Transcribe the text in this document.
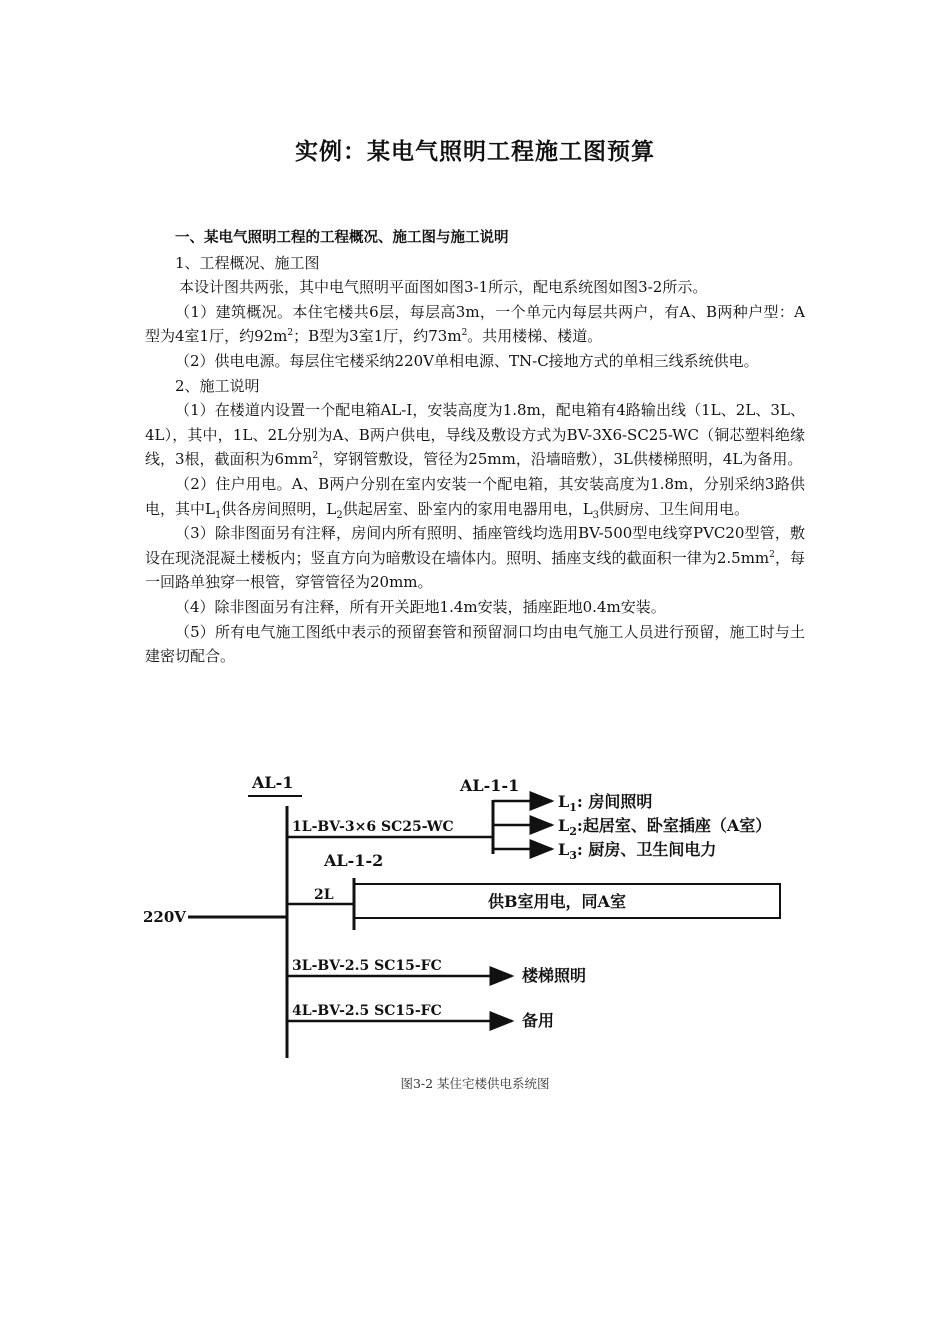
实例：某电气照明工程施工图预算

一、某电气照明工程的工程概况、施工图与施工说明

1、工程概况、施工图

本设计图共两张，其中电气照明平面图如图3-1所示，配电系统图如图3-2所示。

（1）建筑概况。本住宅楼共6层，每层高3m，一个单元内每层共两户，有A、B两种户型：A型为4室1厅，约$92m^2$；B型为3室1厅，约$73m^2$。共用楼梯、楼道。

（2）供电电源。每层住宅楼采纳220V单相电源、TN-C接地方式的单相三线系统供电。

2、施工说明

（1）在楼道内设置一个配电箱AL-I，安装高度为1.8m，配电箱有4路输出线（1L、2L、3L、4L），其中，1L、2L分别为A、B两户供电，导线及敷设方式为BV-3X6-SC25-WC（铜芯塑料绝缘线，3根，截面积为$6mm^2$，穿钢管敷设，管径为25mm，沿墙暗敷），3L供楼梯照明，4L为备用。

（2）住户用电。A、B两户分别在室内安装一个配电箱，其安装高度为1.8m，分别采纳3路供电，其中$L_1$供各房间照明，$L_2$供起居室、卧室内的家用电器用电，$L_3$供厨房、卫生间用电。

（3）除非图面另有注释，房间内所有照明、插座管线均选用BV-500型电线穿PVC20型管，敷设在现浇混凝土楼板内；竖直方向为暗敷设在墙体内。照明、插座支线的截面积一律为$2.5mm^2$，每一回路单独穿一根管，穿管管径为20mm。

（4）除非图面另有注释，所有开关距地1.4m安装，插座距地0.4m安装。

（5）所有电气施工图纸中表示的预留套管和预留洞口均由电气施工人员进行预留，施工时与土建密切配合。

AL-1
220V
1L-BV-3×6 SC25-WC
AL-1-1
$L_1$: 房间照明
$L_2$:起居室、卧室插座（A室）
$L_3$: 厨房、卫生间电力
AL-1-2
2L	供B室用电，同A室
3L-BV-2.5 SC15-FC	楼梯照明
4L-BV-2.5 SC15-FC	备用
图3-2 某住宅楼供电系统图
